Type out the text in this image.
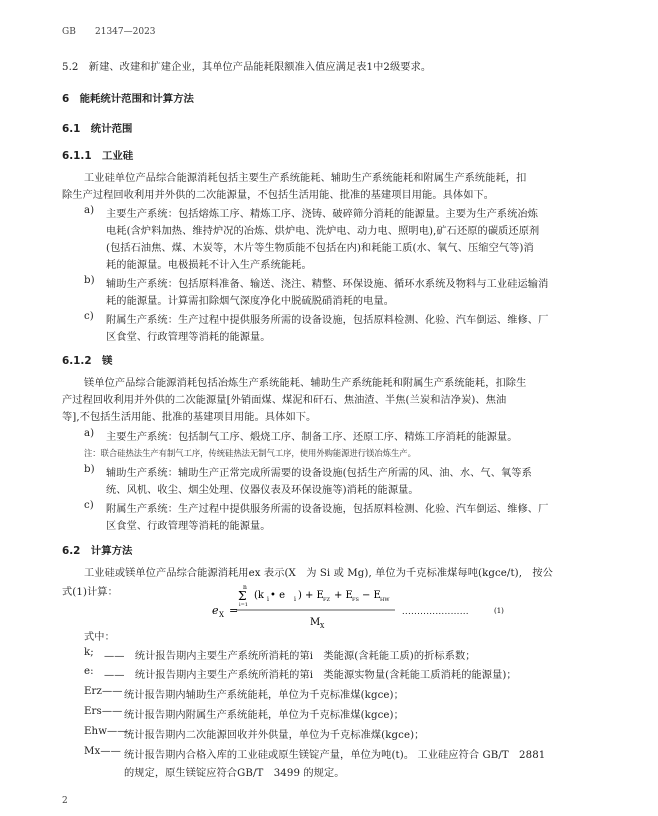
GB 21347—2023
5.2　新建、改建和扩建企业，其单位产品能耗限额准入值应满足表1中2级要求。
6　能耗统计范围和计算方法
6.1　统计范围
6.1.1　工业硅
工业硅单位产品综合能源消耗包括主要生产系统能耗、辅助生产系统能耗和附属生产系统能耗，扣
除生产过程回收利用并外供的二次能源量，不包括生活用能、批准的基建项目用能。具体如下。
a) 主要生产系统：包括熔炼工序、精炼工序、浇铸、破碎筛分消耗的能源量。主要为生产系统冶炼
电耗(含炉料加热、维持炉况的冶炼、烘炉电、洗炉电、动力电、照明电),矿石还原的碳质还原剂
(包括石油焦、煤、木炭等，木片等生物质能不包括在内)和耗能工质(水、氧气、压缩空气等)消
耗的能源量。电极损耗不计入生产系统能耗。
b) 辅助生产系统：包括原料准备、输送、浇注、精整、环保设施、循环水系统及物料与工业硅运输消
耗的能源量。计算需扣除烟气深度净化中脱硫脱硝消耗的电量。
c) 附属生产系统：生产过程中提供服务所需的设备设施，包括原料检测、化验、汽车倒运、维修、厂
区食堂、行政管理等消耗的能源量。
6.1.2　镁
镁单位产品综合能源消耗包括冶炼生产系统能耗、辅助生产系统能耗和附属生产系统能耗，扣除生
产过程回收利用并外供的二次能源量[外销面煤、煤泥和矸石、焦油渣、半焦(兰炭和洁净炭)、焦油
等],不包括生活用能、批准的基建项目用能。具体如下。
a) 主要生产系统：包括制气工序、煅烧工序、制备工序、还原工序、精炼工序消耗的能源量。
注：联合硅热法生产有制气工序，传统硅热法无制气工序，使用外购能源进行镁冶炼生产。
b) 辅助生产系统：辅助生产正常完成所需要的设备设施(包括生产所需的风、油、水、气、氧等系
统、风机、收尘、烟尘处理、仪器仪表及环保设施等)消耗的能源量。
c) 附属生产系统：生产过程中提供服务所需的设备设施，包括原料检测、化验、汽车倒运、维修、厂
区食堂、行政管理等消耗的能源量。
6.2　计算方法
工业硅或镁单位产品综合能源消耗用ex 表示(X　为 Si 或 Mg), 单位为千克标准煤每吨(kgce/t),　按公
式(1)计算：
e X =
n
Σ
i=1
(k i • e i ) + E FZ + E FS − E HW
M X
......................	(1)
式中：
k; ——　统计报告期内主要生产系统所消耗的第i　类能源(含耗能工质)的折标系数；
e: ——　统计报告期内主要生产系统所消耗的第i　类能源实物量(含耗能工质消耗的能源量)；
Erz—— 统计报告期内辅助生产系统能耗，单位为千克标准煤(kgce)；
Ers—— 统计报告期内附属生产系统能耗，单位为千克标准煤(kgce)；
Ehw——
统计报告期内二次能源回收并外供量，单位为千克标准煤(kgce)；
Mx—— 统计报告期内合格入库的工业硅或原生镁锭产量，单位为吨(t)。 工业硅应符合 GB/T　2881
的规定，原生镁锭应符合GB/T　3499 的规定。
2
